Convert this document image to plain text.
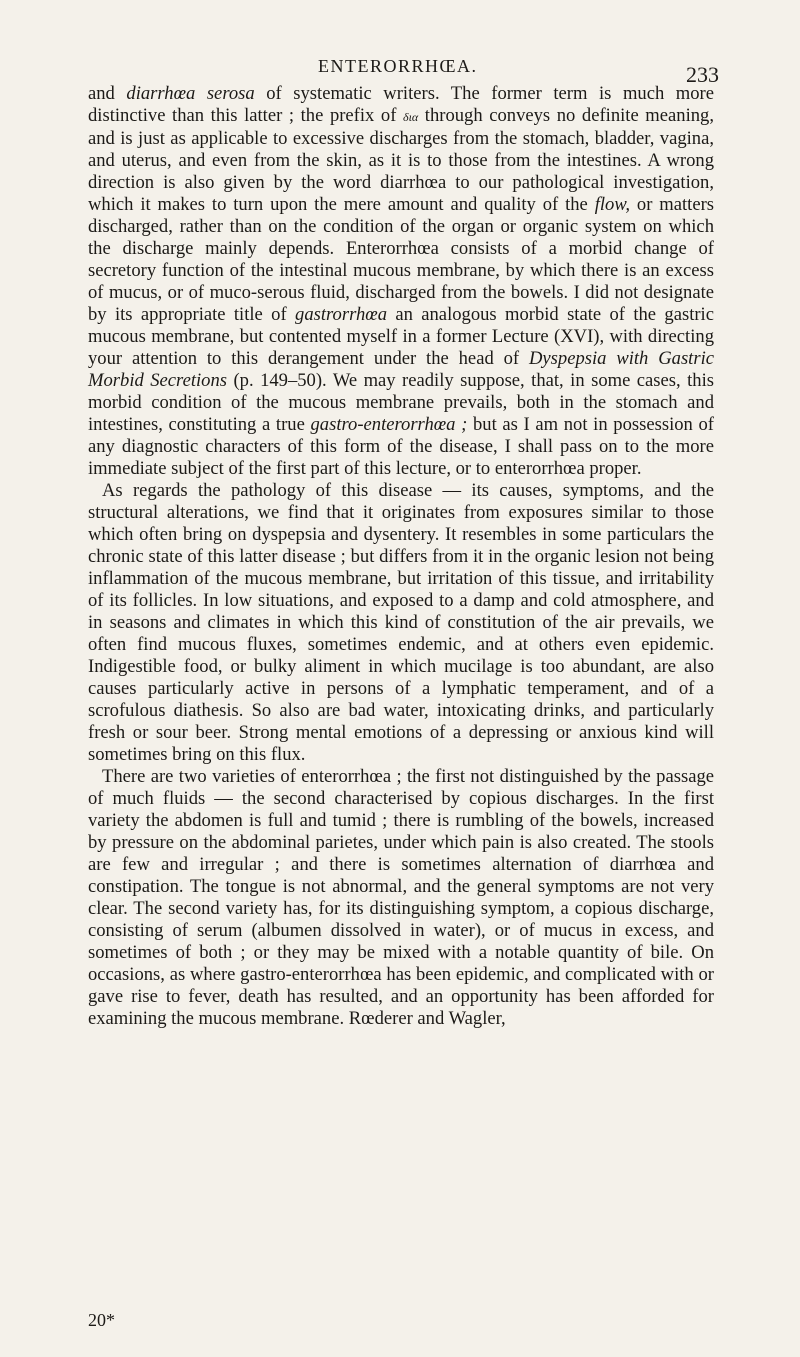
ENTERORRHŒA.	233

and diarrhœa serosa of systematic writers. The former term is much more distinctive than this latter ; the prefix of δια through conveys no definite meaning, and is just as applicable to excessive discharges from the stomach, bladder, vagina, and uterus, and even from the skin, as it is to those from the intestines. A wrong direction is also given by the word diarrhœa to our pathological investigation, which it makes to turn upon the mere amount and quality of the flow, or matters discharged, rather than on the condition of the organ or organic system on which the discharge mainly depends. Enterorrhœa consists of a morbid change of secretory function of the intestinal mucous membrane, by which there is an excess of mucus, or of muco-serous fluid, discharged from the bowels. I did not designate by its appropriate title of gastrorrhœa an analogous morbid state of the gastric mucous membrane, but contented myself in a former Lecture (XVI), with directing your attention to this derangement under the head of Dyspepsia with Gastric Morbid Secretions (p. 149–50). We may readily suppose, that, in some cases, this morbid condition of the mucous membrane prevails, both in the stomach and intestines, constituting a true gastro-enterorrhœa ; but as I am not in possession of any diagnostic characters of this form of the disease, I shall pass on to the more immediate subject of the first part of this lecture, or to enterorrhœa proper.

As regards the pathology of this disease — its causes, symptoms, and the structural alterations, we find that it originates from exposures similar to those which often bring on dyspepsia and dysentery. It resembles in some particulars the chronic state of this latter disease ; but differs from it in the organic lesion not being inflammation of the mucous membrane, but irritation of this tissue, and irritability of its follicles. In low situations, and exposed to a damp and cold atmosphere, and in seasons and climates in which this kind of constitution of the air prevails, we often find mucous fluxes, sometimes endemic, and at others even epidemic. Indigestible food, or bulky aliment in which mucilage is too abundant, are also causes particularly active in persons of a lymphatic temperament, and of a scrofulous diathesis. So also are bad water, intoxicating drinks, and particularly fresh or sour beer. Strong mental emotions of a depressing or anxious kind will sometimes bring on this flux.

There are two varieties of enterorrhœa ; the first not distinguished by the passage of much fluids — the second characterised by copious discharges. In the first variety the abdomen is full and tumid ; there is rumbling of the bowels, increased by pressure on the abdominal parietes, under which pain is also created. The stools are few and irregular ; and there is sometimes alternation of diarrhœa and constipation. The tongue is not abnormal, and the general symptoms are not very clear. The second variety has, for its distinguishing symptom, a copious discharge, consisting of serum (albumen dissolved in water), or of mucus in excess, and sometimes of both ; or they may be mixed with a notable quantity of bile. On occasions, as where gastro-enterorrhœa has been epidemic, and complicated with or gave rise to fever, death has resulted, and an opportunity has been afforded for examining the mucous membrane. Rœderer and Wagler,

20*
